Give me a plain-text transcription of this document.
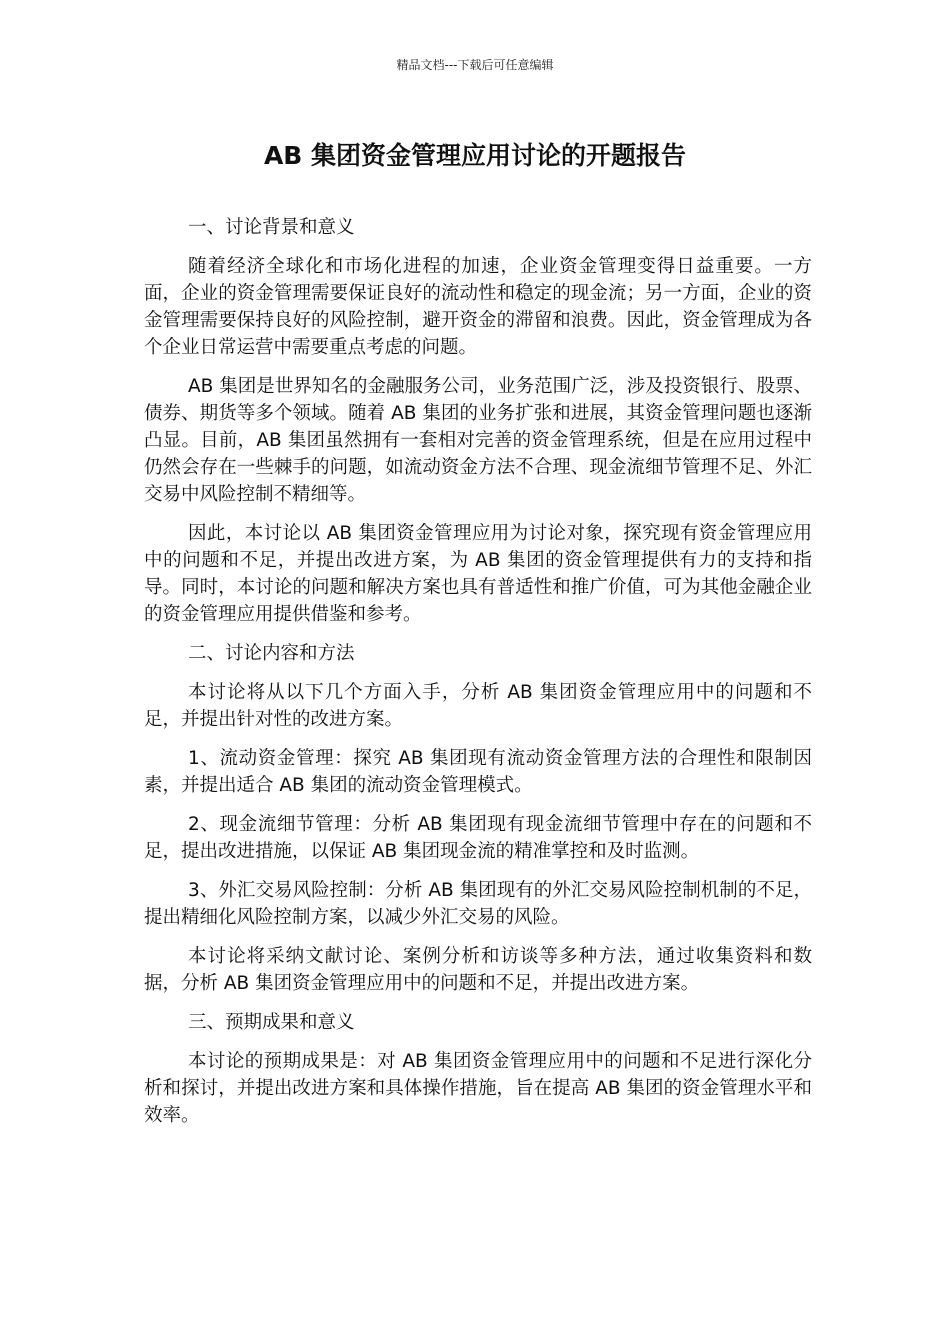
精品文档---下载后可任意编辑
AB 集团资金管理应用讨论的开题报告

一、讨论背景和意义

随着经济全球化和市场化进程的加速，企业资金管理变得日益重要。一方面，企业的资金管理需要保证良好的流动性和稳定的现金流；另一方面，企业的资金管理需要保持良好的风险控制，避开资金的滞留和浪费。因此，资金管理成为各个企业日常运营中需要重点考虑的问题。

AB 集团是世界知名的金融服务公司，业务范围广泛，涉及投资银行、股票、债券、期货等多个领域。随着 AB 集团的业务扩张和进展，其资金管理问题也逐渐凸显。目前，AB 集团虽然拥有一套相对完善的资金管理系统，但是在应用过程中仍然会存在一些棘手的问题，如流动资金方法不合理、现金流细节管理不足、外汇交易中风险控制不精细等。

因此，本讨论以 AB 集团资金管理应用为讨论对象，探究现有资金管理应用中的问题和不足，并提出改进方案，为 AB 集团的资金管理提供有力的支持和指导。同时，本讨论的问题和解决方案也具有普适性和推广价值，可为其他金融企业的资金管理应用提供借鉴和参考。

二、讨论内容和方法

本讨论将从以下几个方面入手，分析 AB 集团资金管理应用中的问题和不足，并提出针对性的改进方案。

1、流动资金管理：探究 AB 集团现有流动资金管理方法的合理性和限制因素，并提出适合 AB 集团的流动资金管理模式。

2、现金流细节管理：分析 AB 集团现有现金流细节管理中存在的问题和不足，提出改进措施，以保证 AB 集团现金流的精准掌控和及时监测。

3、外汇交易风险控制：分析 AB 集团现有的外汇交易风险控制机制的不足，提出精细化风险控制方案，以减少外汇交易的风险。

本讨论将采纳文献讨论、案例分析和访谈等多种方法，通过收集资料和数据，分析 AB 集团资金管理应用中的问题和不足，并提出改进方案。

三、预期成果和意义

本讨论的预期成果是：对 AB 集团资金管理应用中的问题和不足进行深化分析和探讨，并提出改进方案和具体操作措施，旨在提高 AB 集团的资金管理水平和效率。
